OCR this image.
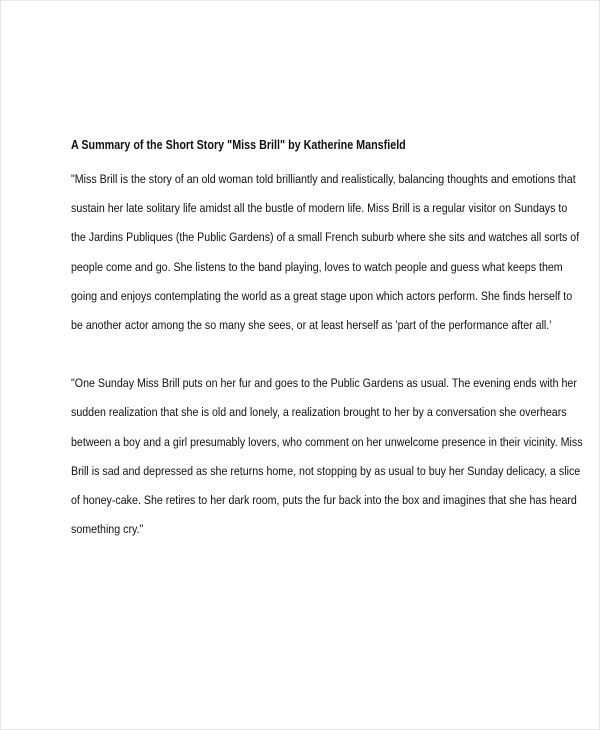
A Summary of the Short Story "Miss Brill" by Katherine Mansfield

"Miss Brill is the story of an old woman told brilliantly and realistically, balancing thoughts and emotions that
sustain her late solitary life amidst all the bustle of modern life. Miss Brill is a regular visitor on Sundays to
the Jardins Publiques (the Public Gardens) of a small French suburb where she sits and watches all sorts of
people come and go. She listens to the band playing, loves to watch people and guess what keeps them
going and enjoys contemplating the world as a great stage upon which actors perform. She finds herself to
be another actor among the so many she sees, or at least herself as 'part of the performance after all.'

"One Sunday Miss Brill puts on her fur and goes to the Public Gardens as usual. The evening ends with her
sudden realization that she is old and lonely, a realization brought to her by a conversation she overhears
between a boy and a girl presumably lovers, who comment on her unwelcome presence in their vicinity. Miss
Brill is sad and depressed as she returns home, not stopping by as usual to buy her Sunday delicacy, a slice
of honey-cake. She retires to her dark room, puts the fur back into the box and imagines that she has heard
something cry."
